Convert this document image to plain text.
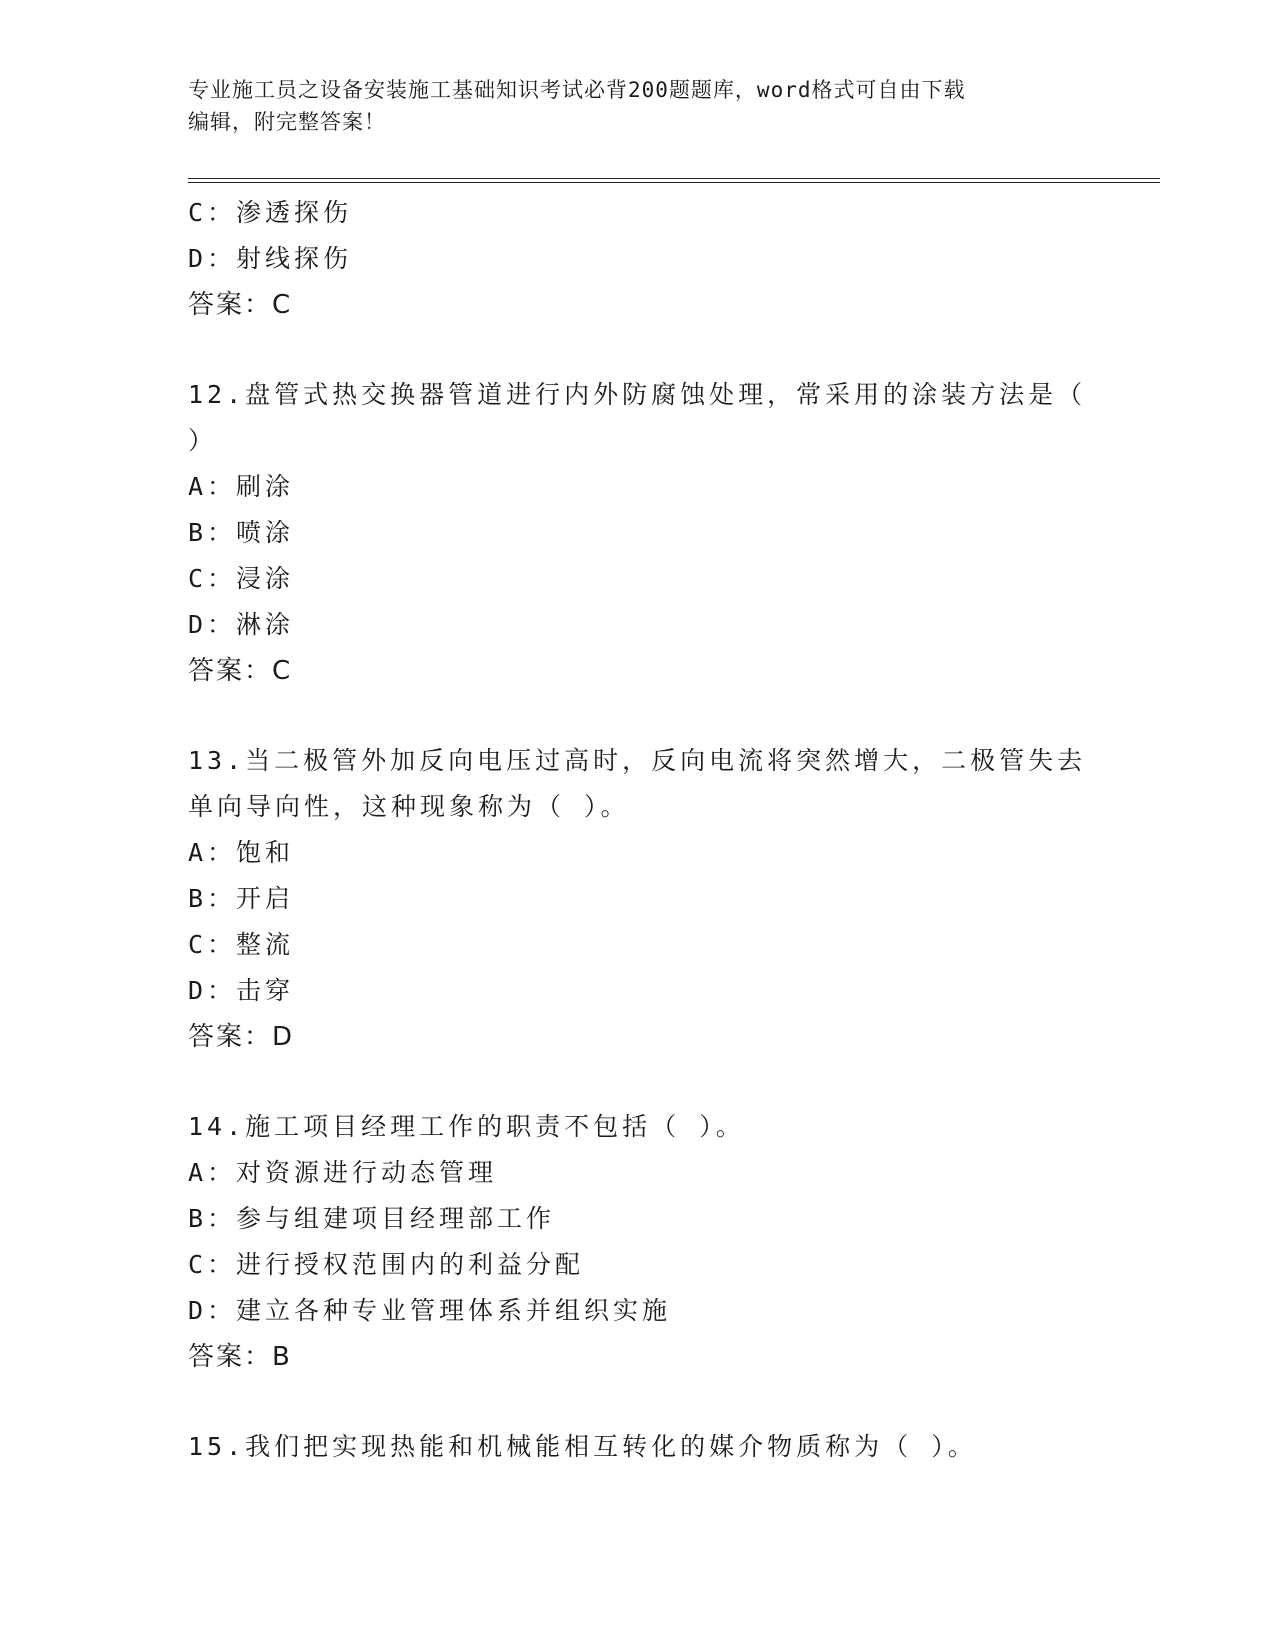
专业施工员之设备安装施工基础知识考试必背200题题库，word格式可自由下载
编辑，附完整答案！
C：渗透探伤
D：射线探伤
答案：C
12.盘管式热交换器管道进行内外防腐蚀处理，常采用的涂装方法是（ ）
A：刷涂
B：喷涂
C：浸涂
D：淋涂
答案：C
13.当二极管外加反向电压过高时，反向电流将突然增大，二极管失去单向导向性，这种现象称为（ ）。
A：饱和
B：开启
C：整流
D：击穿
答案：D
14.施工项目经理工作的职责不包括（ ）。
A：对资源进行动态管理
B：参与组建项目经理部工作
C：进行授权范围内的利益分配
D：建立各种专业管理体系并组织实施
答案：B
15.我们把实现热能和机械能相互转化的媒介物质称为（ ）。
